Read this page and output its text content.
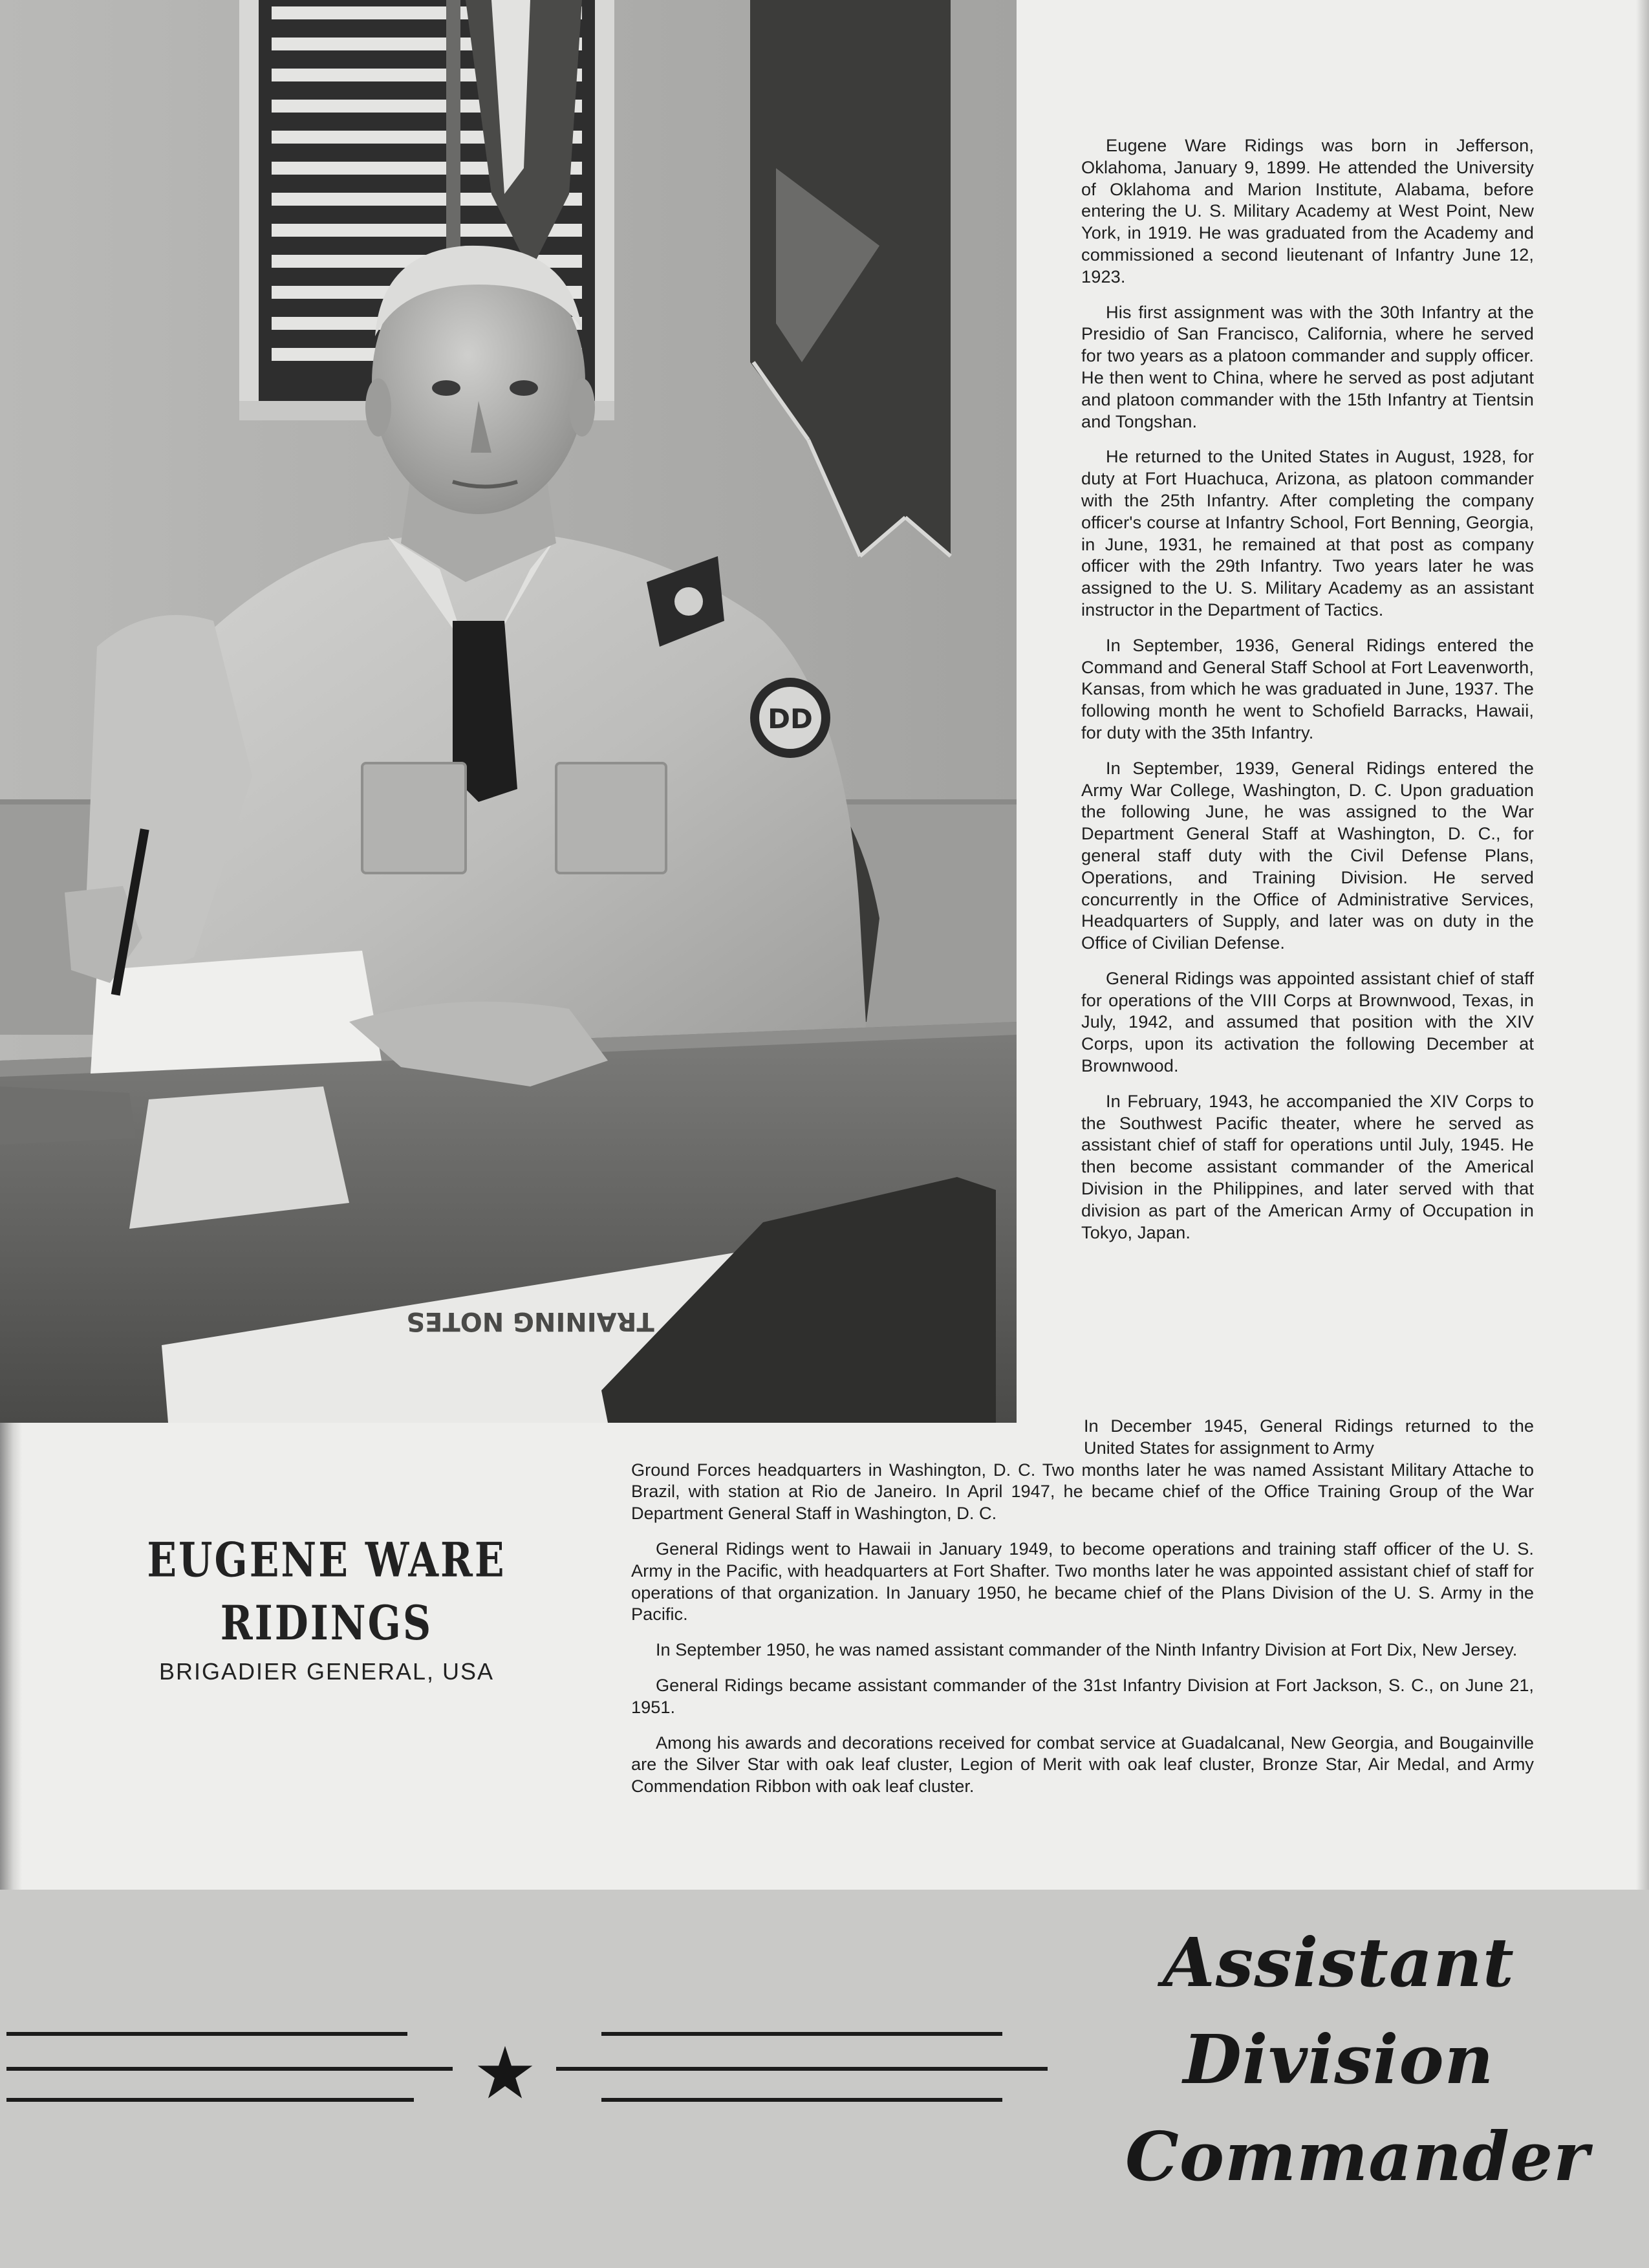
DD
TRAINING NOTES

Eugene Ware Ridings was born in Jefferson, Oklahoma, January 9, 1899. He attended the University of Oklahoma and Marion Institute, Alabama, before entering the U. S. Military Academy at West Point, New York, in 1919. He was graduated from the Academy and commissioned a second lieutenant of Infantry June 12, 1923.

His first assignment was with the 30th Infantry at the Presidio of San Francisco, California, where he served for two years as a platoon commander and supply officer. He then went to China, where he served as post adjutant and platoon commander with the 15th Infantry at Tientsin and Tongshan.

He returned to the United States in August, 1928, for duty at Fort Huachuca, Arizona, as platoon commander with the 25th Infantry. After completing the company officer's course at Infantry School, Fort Benning, Georgia, in June, 1931, he remained at that post as company officer with the 29th Infantry. Two years later he was assigned to the U. S. Military Academy as an assistant instructor in the Department of Tactics.

In September, 1936, General Ridings entered the Command and General Staff School at Fort Leavenworth, Kansas, from which he was graduated in June, 1937. The following month he went to Schofield Barracks, Hawaii, for duty with the 35th Infantry.

In September, 1939, General Ridings entered the Army War College, Washington, D. C. Upon graduation the following June, he was assigned to the War Department General Staff at Washington, D. C., for general staff duty with the Civil Defense Plans, Operations, and Training Division. He served concurrently in the Office of Administrative Services, Headquarters of Supply, and later was on duty in the Office of Civilian Defense.

General Ridings was appointed assistant chief of staff for operations of the VIII Corps at Brownwood, Texas, in July, 1942, and assumed that position with the XIV Corps, upon its activation the following December at Brownwood.

In February, 1943, he accompanied the XIV Corps to the Southwest Pacific theater, where he served as assistant chief of staff for operations until July, 1945. He then become assistant commander of the Americal Division in the Philippines, and later served with that division as part of the American Army of Occupation in Tokyo, Japan.

In December 1945, General Ridings returned to the United States for assignment to Army
Ground Forces headquarters in Washington, D. C. Two months later he was named Assistant Military Attache to Brazil, with station at Rio de Janeiro. In April 1947, he became chief of the Office Training Group of the War Department General Staff in Washington, D. C.

General Ridings went to Hawaii in January 1949, to become operations and training staff officer of the U. S. Army in the Pacific, with headquarters at Fort Shafter. Two months later he was appointed assistant chief of staff for operations of that organization. In January 1950, he became chief of the Plans Division of the U. S. Army in the Pacific.

In September 1950, he was named assistant commander of the Ninth Infantry Division at Fort Dix, New Jersey.

General Ridings became assistant commander of the 31st Infantry Division at Fort Jackson, S. C., on June 21, 1951.

Among his awards and decorations received for combat service at Guadalcanal, New Georgia, and Bougainville are the Silver Star with oak leaf cluster, Legion of Merit with oak leaf cluster, Bronze Star, Air Medal, and Army Commendation Ribbon with oak leaf cluster.

EUGENE WARE RIDINGS
BRIGADIER GENERAL, USA
Assistant
Division
Commander
